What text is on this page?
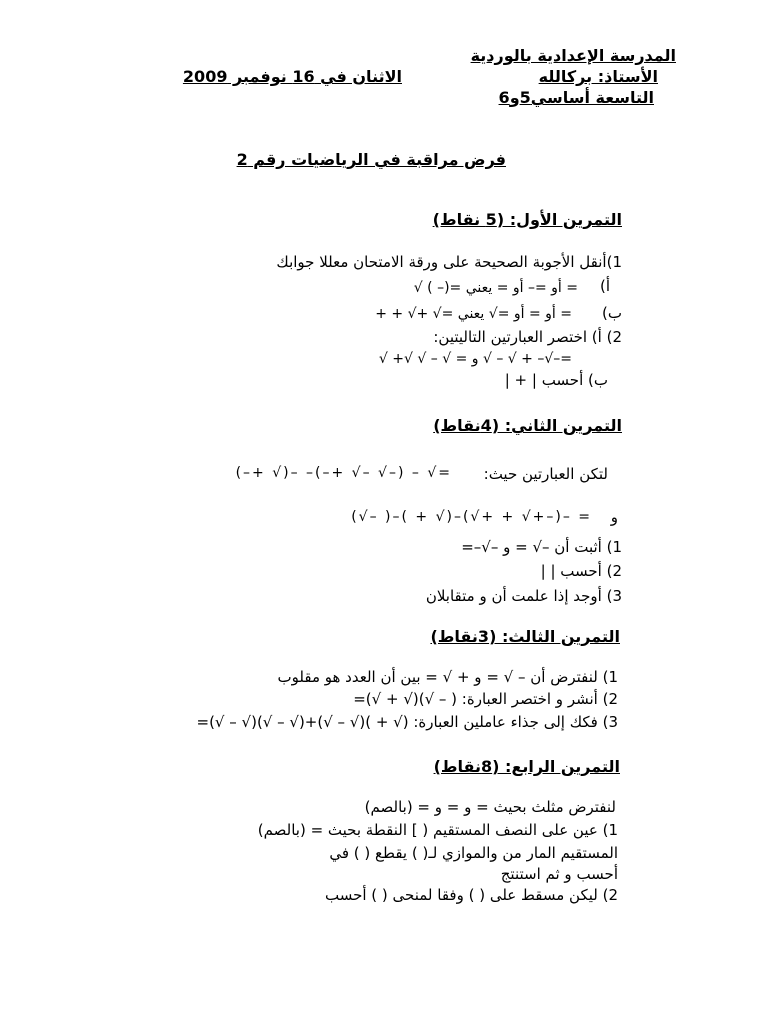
المدرسة الإعدادية بالوردية
الأستاذ: بركالله
التاسعة أساسي5و6
الاثنان في 16 نوفمبر 2009
فرض مراقبة في الرياضيات رقم 2
التمرين الأول: (5 نقاط)
1)أنقل الأجوبة الصحيحة على ورقة الامتحان معللا جوابك
أ)
= أو =– أو = يعني =(– ) √
ب)
= أو = أو =√ يعني =√ +√ + +
2) أ) اختصر العبارتين التاليتين:
=–√– + √ – √ و = √ – √ √+ √
ب) أحسب | + |
التمرين الثاني: (4نقاط)
لتكن العبارتين حيث:
=√ – (–√ –√ +–)– –(√ +–)
و
= –(–+√ + +√)–(√ + )–( –√)
1) أثبت أن –√ = و –√–=
2) أحسب | |
3) أوجد إذا علمت أن و متقابلان
التمرين الثالث: (3نقاط)
1) لنفترض أن – √ = و + √ = بين أن العدد هو مقلوب
2) أنشر و اختصر العبارة: ( – √)(√ + √)=
3) فكك إلى جذاء عاملين العبارة: (√ + )(√ – √)+(√ – √)(√ – √)=
التمرين الرابع: (8نقاط)
لنفترض مثلث بحيث = و = و = (بالصم)
1) عين على النصف المستقيم ( ] النقطة بحيث = (بالصم)
المستقيم المار من والموازي لـ( ) يقطع ( ) في
أحسب و ثم استنتج
2) ليكن مسقط على ( ) وفقا لمنحى ( ) أحسب
